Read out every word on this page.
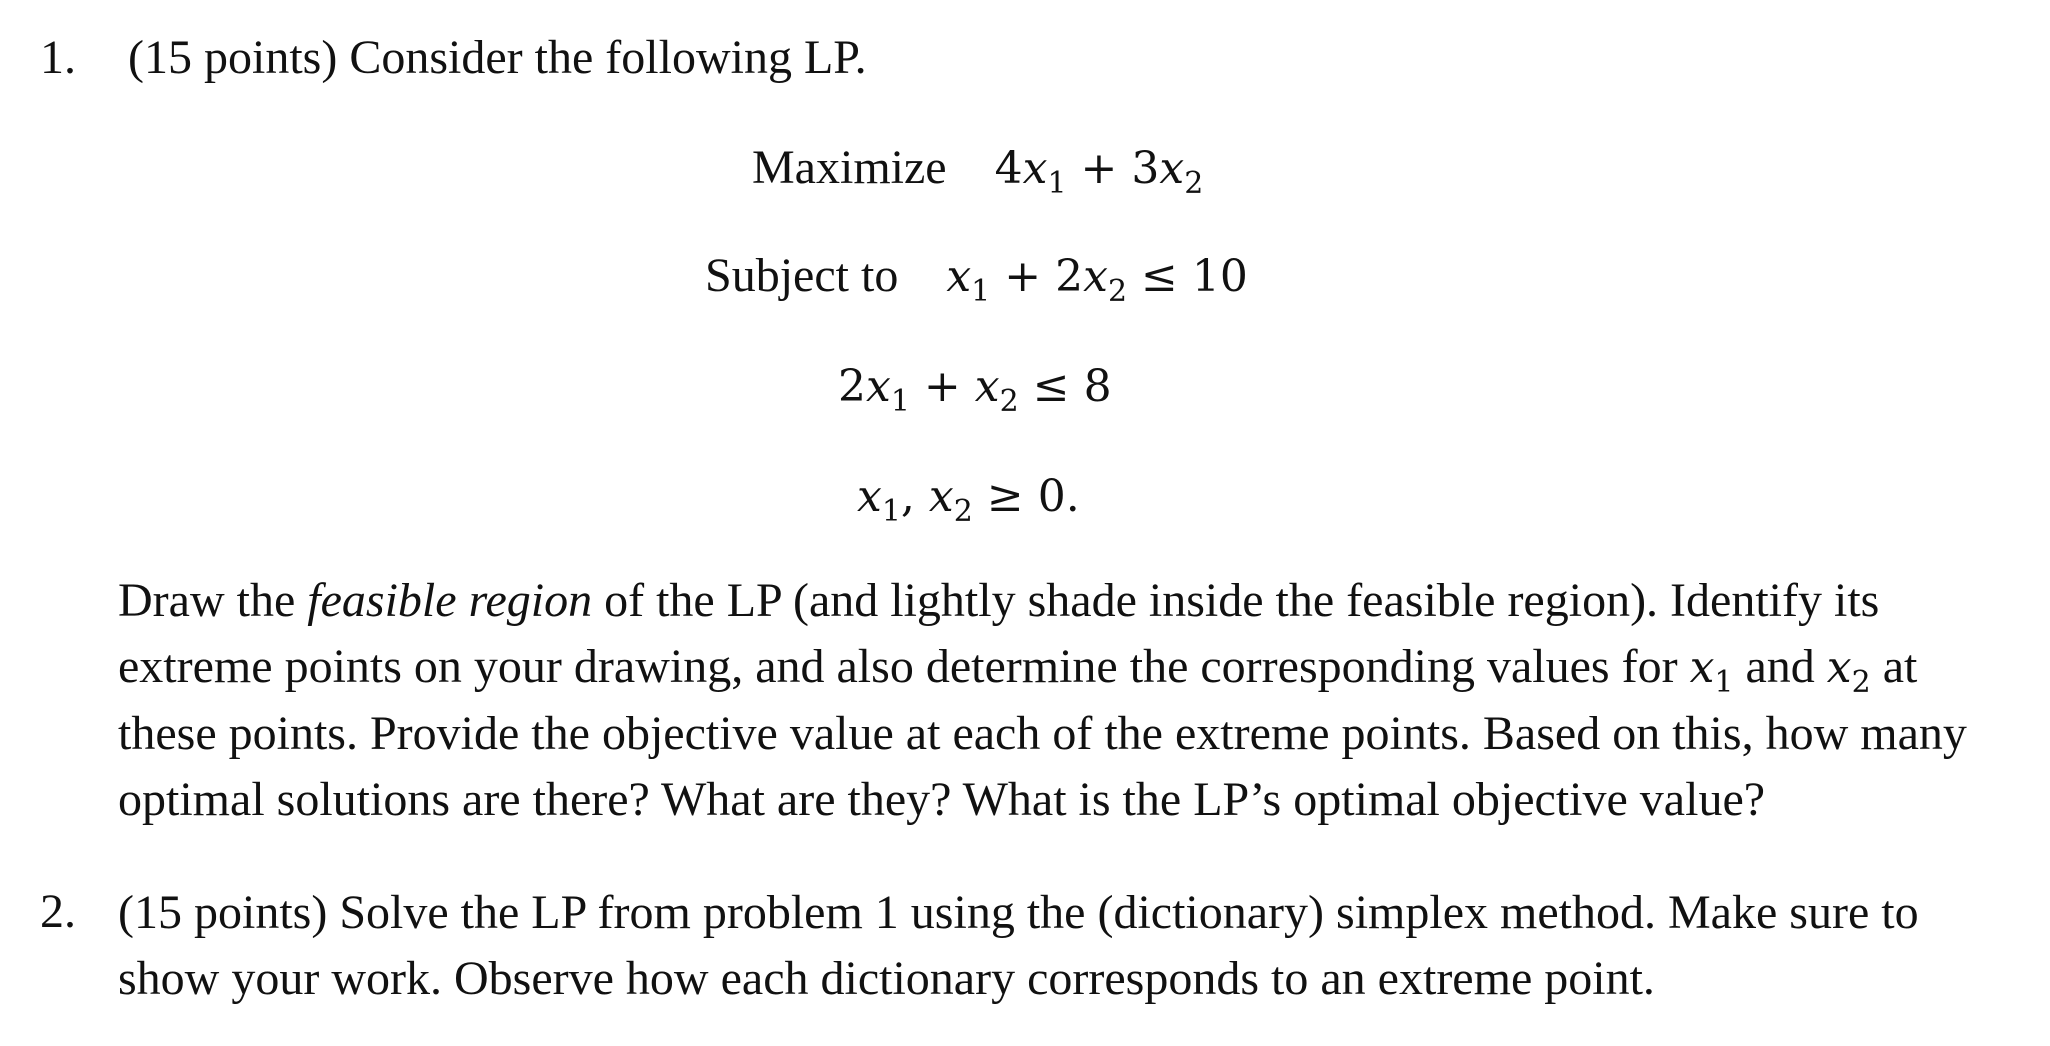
1. (15 points) Consider the following LP.
Maximize $4x_1 + 3x_2$
Subject to $x_1 + 2x_2 \le 10$
$2x_1 + x_2 \le 8$
$x_1$, $x_2 \ge 0$.
Draw the feasible region of the LP (and lightly shade inside the feasible region). Identify its extreme points on your drawing, and also determine the corresponding values for $x_1$ and $x_2$ at these points. Provide the objective value at each of the extreme points. Based on this, how many optimal solutions are there? What are they? What is the LP’s optimal objective value?
2. (15 points) Solve the LP from problem 1 using the (dictionary) simplex method. Make sure to show your work. Observe how each dictionary corresponds to an extreme point.
